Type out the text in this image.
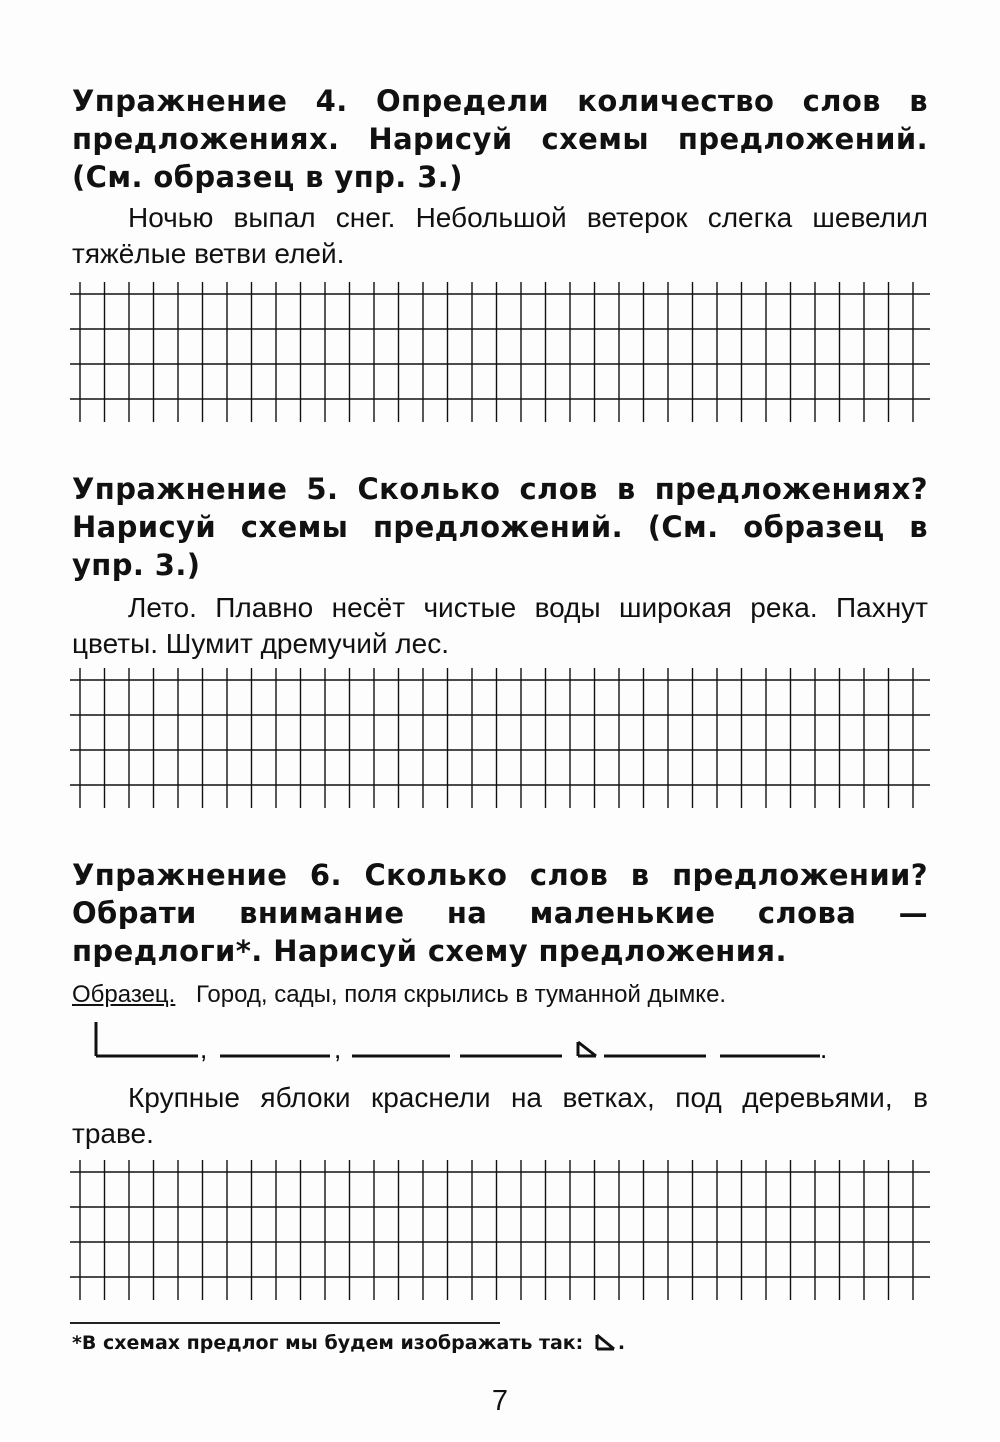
Упражнение 4. Определи количество слов в предложениях. Нарисуй схемы предложений. (См. образец в упр. 3.)

Ночью выпал снег. Небольшой ветерок слегка шевелил тяжёлые ветви елей.

Упражнение 5. Сколько слов в предложениях? Нарисуй схемы предложений. (См. образец в упр. 3.)

Лето. Плавно несёт чистые воды широкая река. Пахнут цветы. Шумит дремучий лес.

Упражнение 6. Сколько слов в предложении? Обрати внимание на маленькие слова — предлоги*. Нарисуй схему предложения.

Образец. Город, сады, поля скрылись в туманной дымке.
,	,	.

Крупные яблоки краснели на ветках, под деревьями, в траве.

*В схемах предлог мы будем изображать так: .
7
